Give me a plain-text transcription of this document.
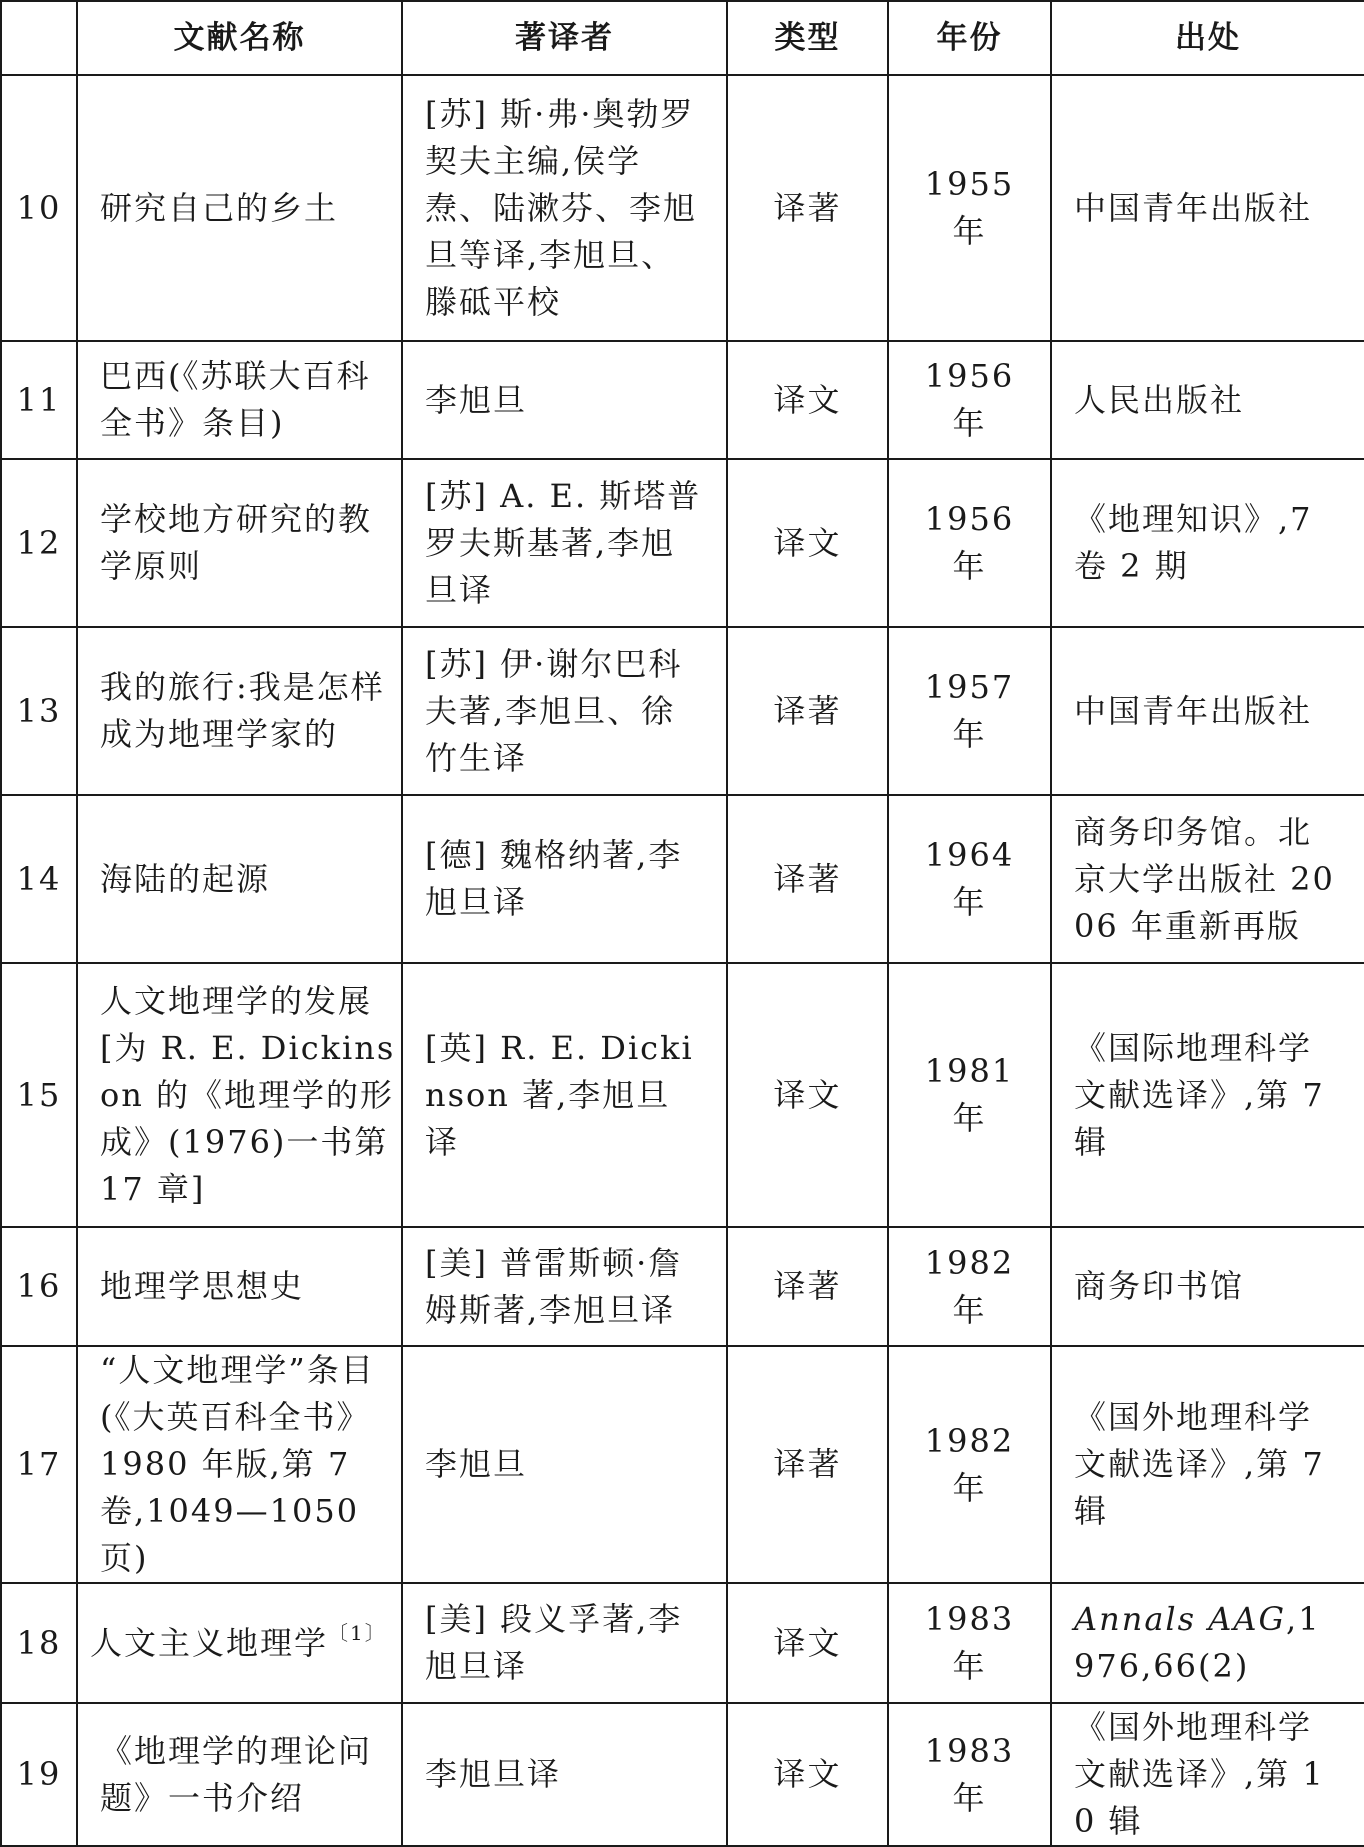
	文献名称	著译者	类型	年份	出处
10	研究自己的乡土	[苏] 斯·弗·奥勃罗契夫主编,侯学焘、陆漱芬、李旭旦等译,李旭旦、滕砥平校	译著	1955 年	中国青年出版社
11	巴西(《苏联大百科全书》条目)	李旭旦	译文	1956 年	人民出版社
12	学校地方研究的教学原则	[苏] A. E. 斯塔普罗夫斯基著,李旭旦译	译文	1956 年	《地理知识》,7 卷 2 期
13	我的旅行:我是怎样成为地理学家的	[苏] 伊·谢尔巴科夫著,李旭旦、徐竹生译	译著	1957 年	中国青年出版社
14	海陆的起源	[德] 魏格纳著,李旭旦译	译著	1964 年	商务印务馆。北京大学出版社 2006 年重新再版
15	人文地理学的发展[为 R. E. Dickinson 的《地理学的形成》(1976)一书第 17 章]	[英] R. E. Dickinson 著,李旭旦译	译文	1981 年	《国际地理科学文献选译》,第 7 辑
16	地理学思想史	[美] 普雷斯顿·詹姆斯著,李旭旦译	译著	1982 年	商务印书馆
17	“人文地理学”条目(《大英百科全书》1980 年版,第 7 卷,1049—1050 页)	李旭旦	译著	1982 年	《国外地理科学文献选译》,第 7 辑
18	人文主义地理学$^{〔1〕}$	[美] 段义孚著,李旭旦译	译文	1983 年	Annals AAG,1976,66(2)
19	《地理学的理论问题》一书介绍	李旭旦译	译文	1983 年	《国外地理科学文献选译》,第 10 辑
